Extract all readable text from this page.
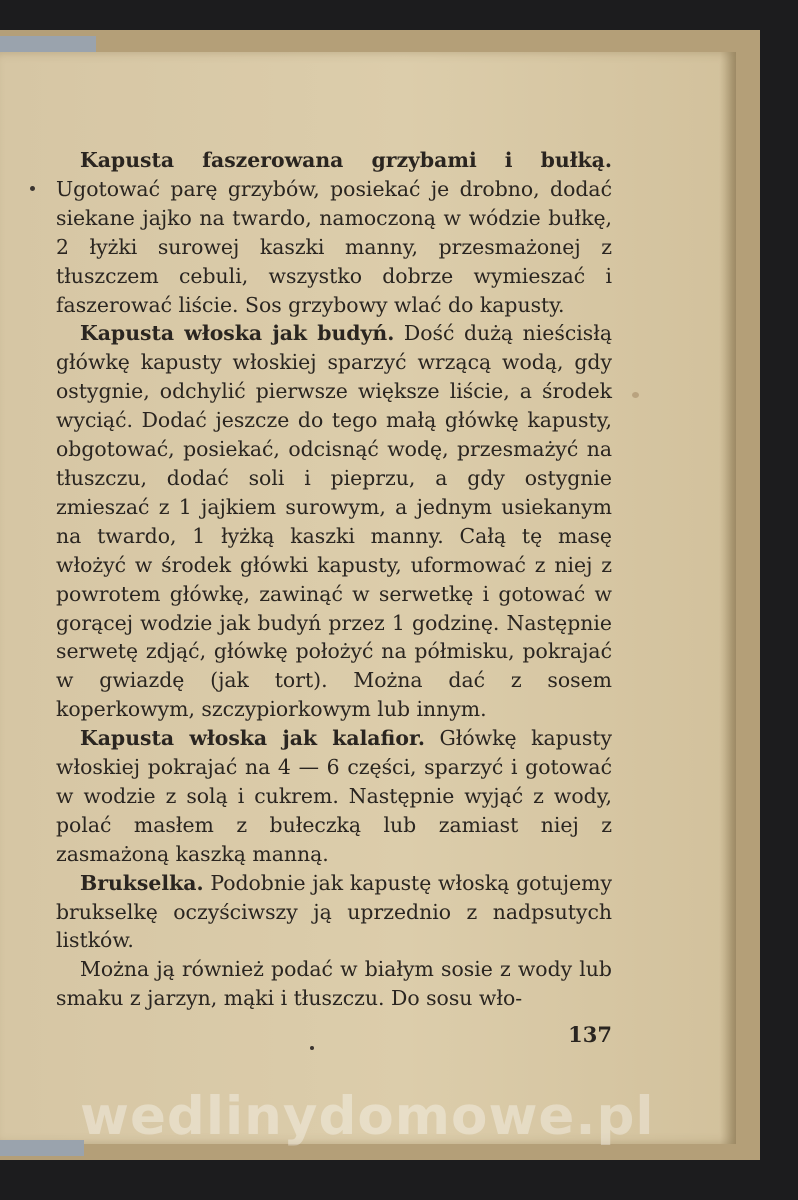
Kapusta faszerowana grzybami i bułką. Ugotować parę grzybów, posiekać je drobno, dodać siekane jajko na twardo, namoczoną w wódzie bułkę, 2 łyżki surowej kaszki manny, przesmażonej z tłuszczem cebuli, wszystko dobrze wymieszać i faszerować liście. Sos grzybowy wlać do kapusty.

Kapusta włoska jak budyń. Dość dużą nieścisłą główkę kapusty włoskiej sparzyć wrzącą wodą, gdy ostygnie, odchylić pierwsze większe liście, a środek wyciąć. Dodać jeszcze do tego małą główkę kapusty, obgotować, posiekać, odcisnąć wodę, przesmażyć na tłuszczu, dodać soli i pieprzu, a gdy ostygnie zmieszać z 1 jajkiem surowym, a jednym usiekanym na twardo, 1 łyżką kaszki manny. Całą tę masę włożyć w środek główki kapusty, uformować z niej z powrotem główkę, zawinąć w serwetkę i gotować w gorącej wodzie jak budyń przez 1 godzinę. Następnie serwetę zdjąć, główkę położyć na półmisku, pokrajać w gwiazdę (jak tort). Można dać z sosem koperkowym, szczypiorkowym lub innym.

Kapusta włoska jak kalafior. Główkę kapusty włoskiej pokrajać na 4 — 6 części, sparzyć i gotować w wodzie z solą i cukrem. Następnie wyjąć z wody, polać masłem z bułeczką lub zamiast niej z zasmażoną kaszką manną.

Brukselka. Podobnie jak kapustę włoską gotujemy brukselkę oczyściwszy ją uprzednio z nadpsutych listków.

Można ją również podać w białym sosie z wody lub smaku z jarzyn, mąki i tłuszczu. Do sosu wło-

137
wedlinydomowe.pl
